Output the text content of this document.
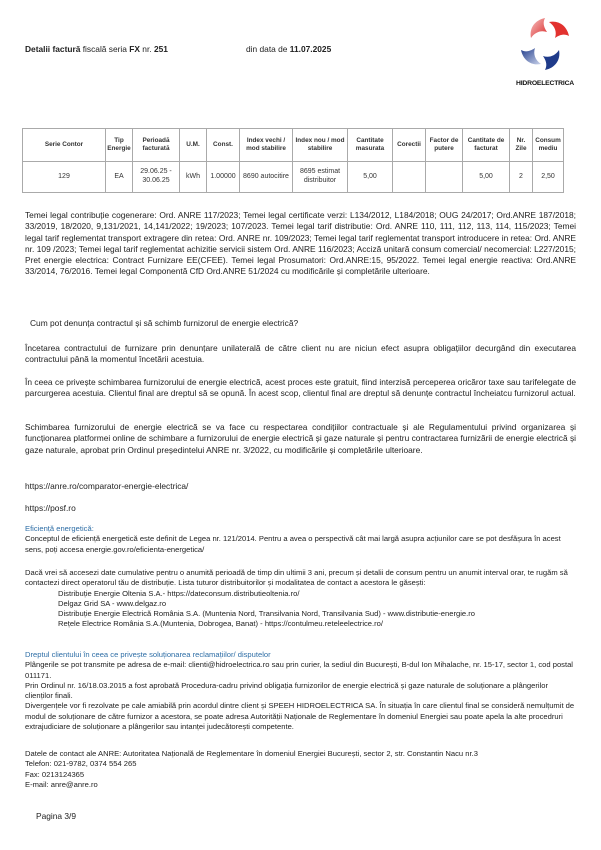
Detalii factură fiscală seria FX nr. 251	din data de 11.07.2025
HIDROELECTRICA
Serie Contor	Tip Energie	Perioadă facturată	U.M.	Const.	Index vechi / mod stabilire	Index nou / mod stabilire	Cantitate masurata	Corectii	Factor de putere	Cantitate de facturat	Nr. Zile	Consum mediu
129	EA	29.06.25 - 30.06.25	kWh	1.00000	8690 autocitire	8695 estimat distribuitor	5,00			5,00	2	2,50
Temei legal contribuție cogenerare: Ord. ANRE 117/2023; Temei legal certificate verzi: L134/2012, L184/2018; OUG 24/2017; Ord.ANRE 187/2018; 33/2019, 18/2020, 9,131/2021, 14,141/2022; 19/2023; 107/2023. Temei legal tarif distributie: Ord. ANRE 110, 111, 112, 113, 114, 115/2023; Temei legal tarif reglementat transport extragere din retea: Ord. ANRE nr. 109/2023; Temei legal tarif reglementat transport introducere in retea: Ord. ANRE nr. 109 /2023; Temei legal tarif reglementat achizitie servicii sistem Ord. ANRE 116/2023; Acciză unitară consum comercial/ necomercial: L227/2015; Pret energie electrica: Contract Furnizare EE(CFEE). Temei legal Prosumatori: Ord.ANRE:15, 95/2022. Temei legal energie reactiva: Ord.ANRE 33/2014, 76/2016. Temei legal Componentă CfD Ord.ANRE 51/2024 cu modificările și completările ulterioare.
Cum pot denunța contractul și să schimb furnizorul de energie electrică?
Încetarea contractului de furnizare prin denunțare unilaterală de către client nu are niciun efect asupra obligațiilor decurgând din executarea contractului până la momentul încetării acestuia.
În ceea ce privește schimbarea furnizorului de energie electrică, acest proces este gratuit, fiind interzisă perceperea oricăror taxe sau tarifelegate de parcurgerea acestuia. Clientul final are dreptul să se opună. În acest scop, clientul final are dreptul să denunțe contractul încheiatcu furnizorul actual.
Schimbarea furnizorului de energie electrică se va face cu respectarea condițiilor contractuale și ale Regulamentului privind organizarea și funcționarea platformei online de schimbare a furnizorului de energie electrică și gaze naturale și pentru contractarea furnizării de energie electrică și gaze naturale, aprobat prin Ordinul președintelui ANRE nr. 3/2022, cu modificările și completările ulterioare.
https://anre.ro/comparator-energie-electrica/
https://posf.ro
Eficiență energetică:
Conceptul de eficiență energetică este definit de Legea nr. 121/2014. Pentru a avea o perspectivă cât mai largă asupra acțiunilor care se pot desfășura în acest sens, poți accesa energie.gov.ro/eficienta-energetica/
Dacă vrei să accesezi date cumulative pentru o anumită perioadă de timp din ultimii 3 ani, precum și detalii de consum pentru un anumit interval orar, te rugăm să contactezi direct operatorul tău de distribuție. Lista tuturor distribuitorilor și modalitatea de contact a acestora le găsești:
Distribuție Energie Oltenia S.A.- https://dateconsum.distributieoltenia.ro/
Delgaz Grid SA - www.delgaz.ro
Distribuție Energie Electrică România S.A. (Muntenia Nord, Transilvania Nord, Transilvania Sud) - www.distributie-energie.ro
Rețele Electrice România S.A.(Muntenia, Dobrogea, Banat) - https://contulmeu.reteleelectrice.ro/
Dreptul clientului în ceea ce privește soluționarea reclamațiilor/ disputelor
Plângerile se pot transmite pe adresa de e-mail: clienti@hidroelectrica.ro sau prin curier, la sediul din București, B-dul Ion Mihalache, nr. 15-17, sector 1, cod postal 011171.
Prin Ordinul nr. 16/18.03.2015 a fost aprobată Procedura-cadru privind obligația furnizorilor de energie electrică și gaze naturale de soluționare a plângerilor clienților finali.
Divergențele vor fi rezolvate pe cale amiabilă prin acordul dintre client și SPEEH HIDROELECTRICA SA. În situația în care clientul final se consideră nemulțumit de modul de soluționare de către furnizor a acestora, se poate adresa Autorității Naționale de Reglementare în domeniul Energiei sau poate apela la alte procedruri extrajudiciare de soluționare a plângerilor sau intanței judecătorești competente.
Datele de contact ale ANRE: Autoritatea Națională de Reglementare în domeniul Energiei București, sector 2, str. Constantin Nacu nr.3
Telefon: 021-9782, 0374 554 265
Fax: 0213124365
E-mail: anre@anre.ro
Pagina 3/9
